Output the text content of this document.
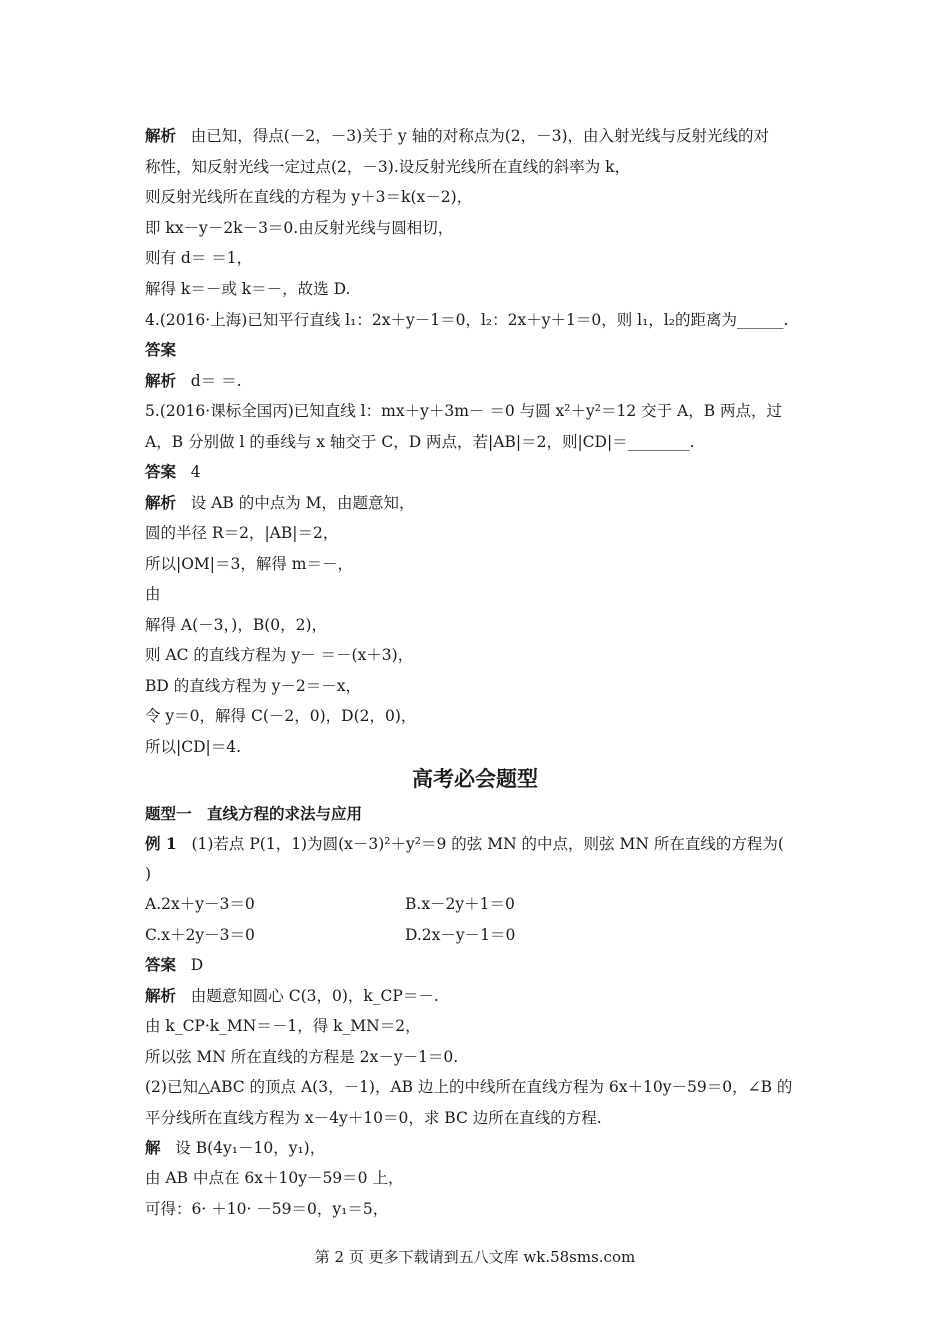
解析 由已知，得点(－2，－3)关于 y 轴的对称点为(2，－3)，由入射光线与反射光线的对
称性，知反射光线一定过点(2，－3).设反射光线所在直线的斜率为 k，
则反射光线所在直线的方程为 y＋3＝k(x－2)，
即 kx－y－2k－3＝0.由反射光线与圆相切，
则有 d＝ ＝1，
解得 k＝－或 k＝－，故选 D.
4.(2016·上海)已知平行直线 l₁：2x＋y－1＝0，l₂：2x＋y＋1＝0，则 l₁，l₂的距离为______.
答案
解析 d＝ ＝.
5.(2016·课标全国丙)已知直线 l：mx＋y＋3m－ ＝0 与圆 x²＋y²＝12 交于 A，B 两点，过
A，B 分别做 l 的垂线与 x 轴交于 C，D 两点，若|AB|＝2，则|CD|＝________.
答案 4
解析 设 AB 的中点为 M，由题意知，
圆的半径 R＝2，|AB|＝2，
所以|OM|＝3，解得 m＝－，
由
解得 A(－3，)，B(0，2)，
则 AC 的直线方程为 y－ ＝－(x＋3)，
BD 的直线方程为 y－2＝－x，
令 y＝0，解得 C(－2，0)，D(2，0)，
所以|CD|＝4.
高考必会题型
题型一　直线方程的求法与应用
例 1 (1)若点 P(1，1)为圆(x－3)²＋y²＝9 的弦 MN 的中点，则弦 MN 所在直线的方程为(
)
A.2x＋y－3＝0	B.x－2y＋1＝0
C.x＋2y－3＝0	D.2x－y－1＝0
答案 D
解析 由题意知圆心 C(3，0)，k_CP＝－.
由 k_CP·k_MN＝－1，得 k_MN＝2，
所以弦 MN 所在直线的方程是 2x－y－1＝0.
(2)已知△ABC 的顶点 A(3，－1)，AB 边上的中线所在直线方程为 6x＋10y－59＝0，∠B 的
平分线所在直线方程为 x－4y＋10＝0，求 BC 边所在直线的方程.
解 设 B(4y₁－10，y₁)，
由 AB 中点在 6x＋10y－59＝0 上，
可得：6· ＋10· －59＝0，y₁＝5，
第 2 页 更多下载请到五八文库 wk.58sms.com
